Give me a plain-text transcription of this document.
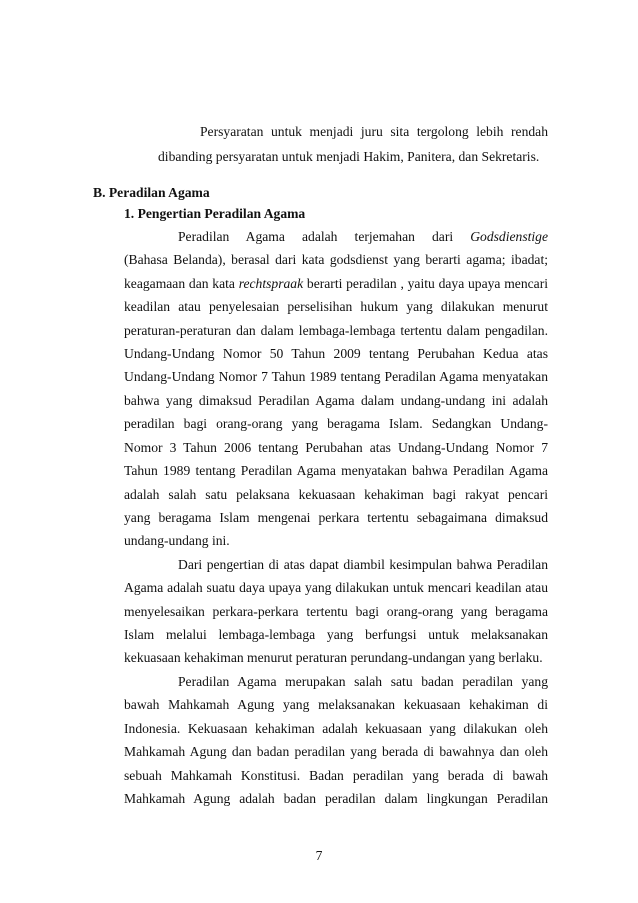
Persyaratan untuk menjadi juru sita tergolong lebih rendah
dibanding persyaratan untuk menjadi Hakim, Panitera, dan Sekretaris.
B. Peradilan Agama
1. Pengertian Peradilan Agama
Peradilan Agama adalah terjemahan dari Godsdienstige
(Bahasa Belanda), berasal dari kata godsdienst yang berarti agama; ibadat;
keagamaan dan kata rechtspraak berarti peradilan , yaitu daya upaya mencari
keadilan atau penyelesaian perselisihan hukum yang dilakukan menurut
peraturan-peraturan dan dalam lembaga-lembaga tertentu dalam pengadilan.
Undang-Undang Nomor 50 Tahun 2009 tentang Perubahan Kedua atas
Undang-Undang Nomor 7 Tahun 1989 tentang Peradilan Agama menyatakan
bahwa yang dimaksud Peradilan Agama dalam undang-undang ini adalah
peradilan bagi orang-orang yang beragama Islam. Sedangkan Undang-
Nomor 3 Tahun 2006 tentang Perubahan atas Undang-Undang Nomor 7
Tahun 1989 tentang Peradilan Agama menyatakan bahwa Peradilan Agama
adalah salah satu pelaksana kekuasaan kehakiman bagi rakyat pencari
yang beragama Islam mengenai perkara tertentu sebagaimana dimaksud
undang-undang ini.
Dari pengertian di atas dapat diambil kesimpulan bahwa Peradilan
Agama adalah suatu daya upaya yang dilakukan untuk mencari keadilan atau
menyelesaikan perkara-perkara tertentu bagi orang-orang yang beragama
Islam melalui lembaga-lembaga yang berfungsi untuk melaksanakan
kekuasaan kehakiman menurut peraturan perundang-undangan yang berlaku.
Peradilan Agama merupakan salah satu badan peradilan yang
bawah Mahkamah Agung yang melaksanakan kekuasaan kehakiman di
Indonesia. Kekuasaan kehakiman adalah kekuasaan yang dilakukan oleh
Mahkamah Agung dan badan peradilan yang berada di bawahnya dan oleh
sebuah Mahkamah Konstitusi. Badan peradilan yang berada di bawah
Mahkamah Agung adalah badan peradilan dalam lingkungan Peradilan
7
